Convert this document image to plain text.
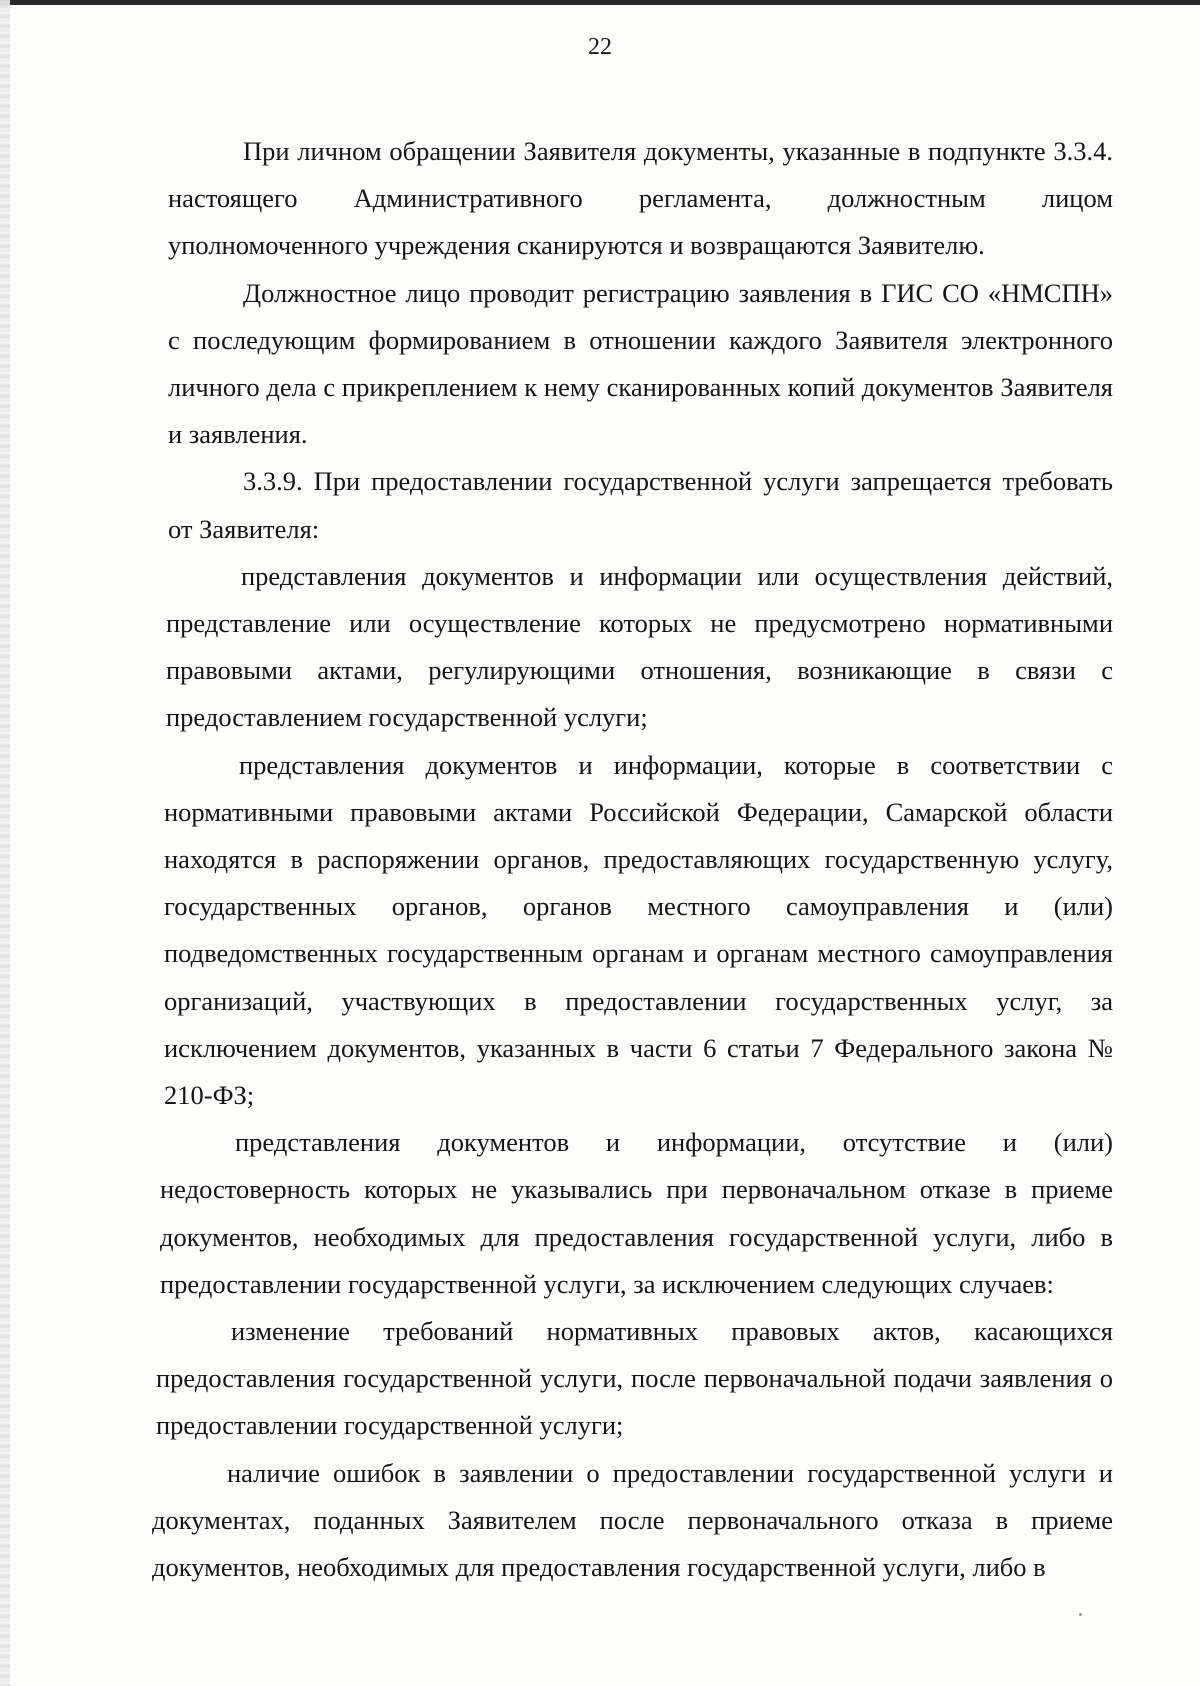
22

При личном обращении Заявителя документы, указанные в подпункте 3.3.4. настоящего Административного регламента, должностным лицом уполномоченного учреждения сканируются и возвращаются Заявителю.

Должностное лицо проводит регистрацию заявления в ГИС СО «НМСПН» с последующим формированием в отношении каждого Заявителя электронного личного дела с прикреплением к нему сканированных копий документов Заявителя и заявления.

3.3.9. При предоставлении государственной услуги запрещается требовать от Заявителя:

представления документов и информации или осуществления действий, представление или осуществление которых не предусмотрено нормативными правовыми актами, регулирующими отношения, возникающие в связи с предоставлением государственной услуги;

представления документов и информации, которые в соответствии с нормативными правовыми актами Российской Федерации, Самарской области находятся в распоряжении органов, предоставляющих государственную услугу, государственных органов, органов местного самоуправления и (или) подведомственных государственным органам и органам местного самоуправления организаций, участвующих в предоставлении государственных услуг, за исключением документов, указанных в части 6 статьи 7 Федерального закона № 210-ФЗ;

представления документов и информации, отсутствие и (или) недостоверность которых не указывались при первоначальном отказе в приеме документов, необходимых для предоставления государственной услуги, либо в предоставлении государственной услуги, за исключением следующих случаев:

изменение требований нормативных правовых актов, касающихся предоставления государственной услуги, после первоначальной подачи заявления о предоставлении государственной услуги;

наличие ошибок в заявлении о предоставлении государственной услуги и документах, поданных Заявителем после первоначального отказа в приеме документов, необходимых для предоставления государственной услуги, либо в
